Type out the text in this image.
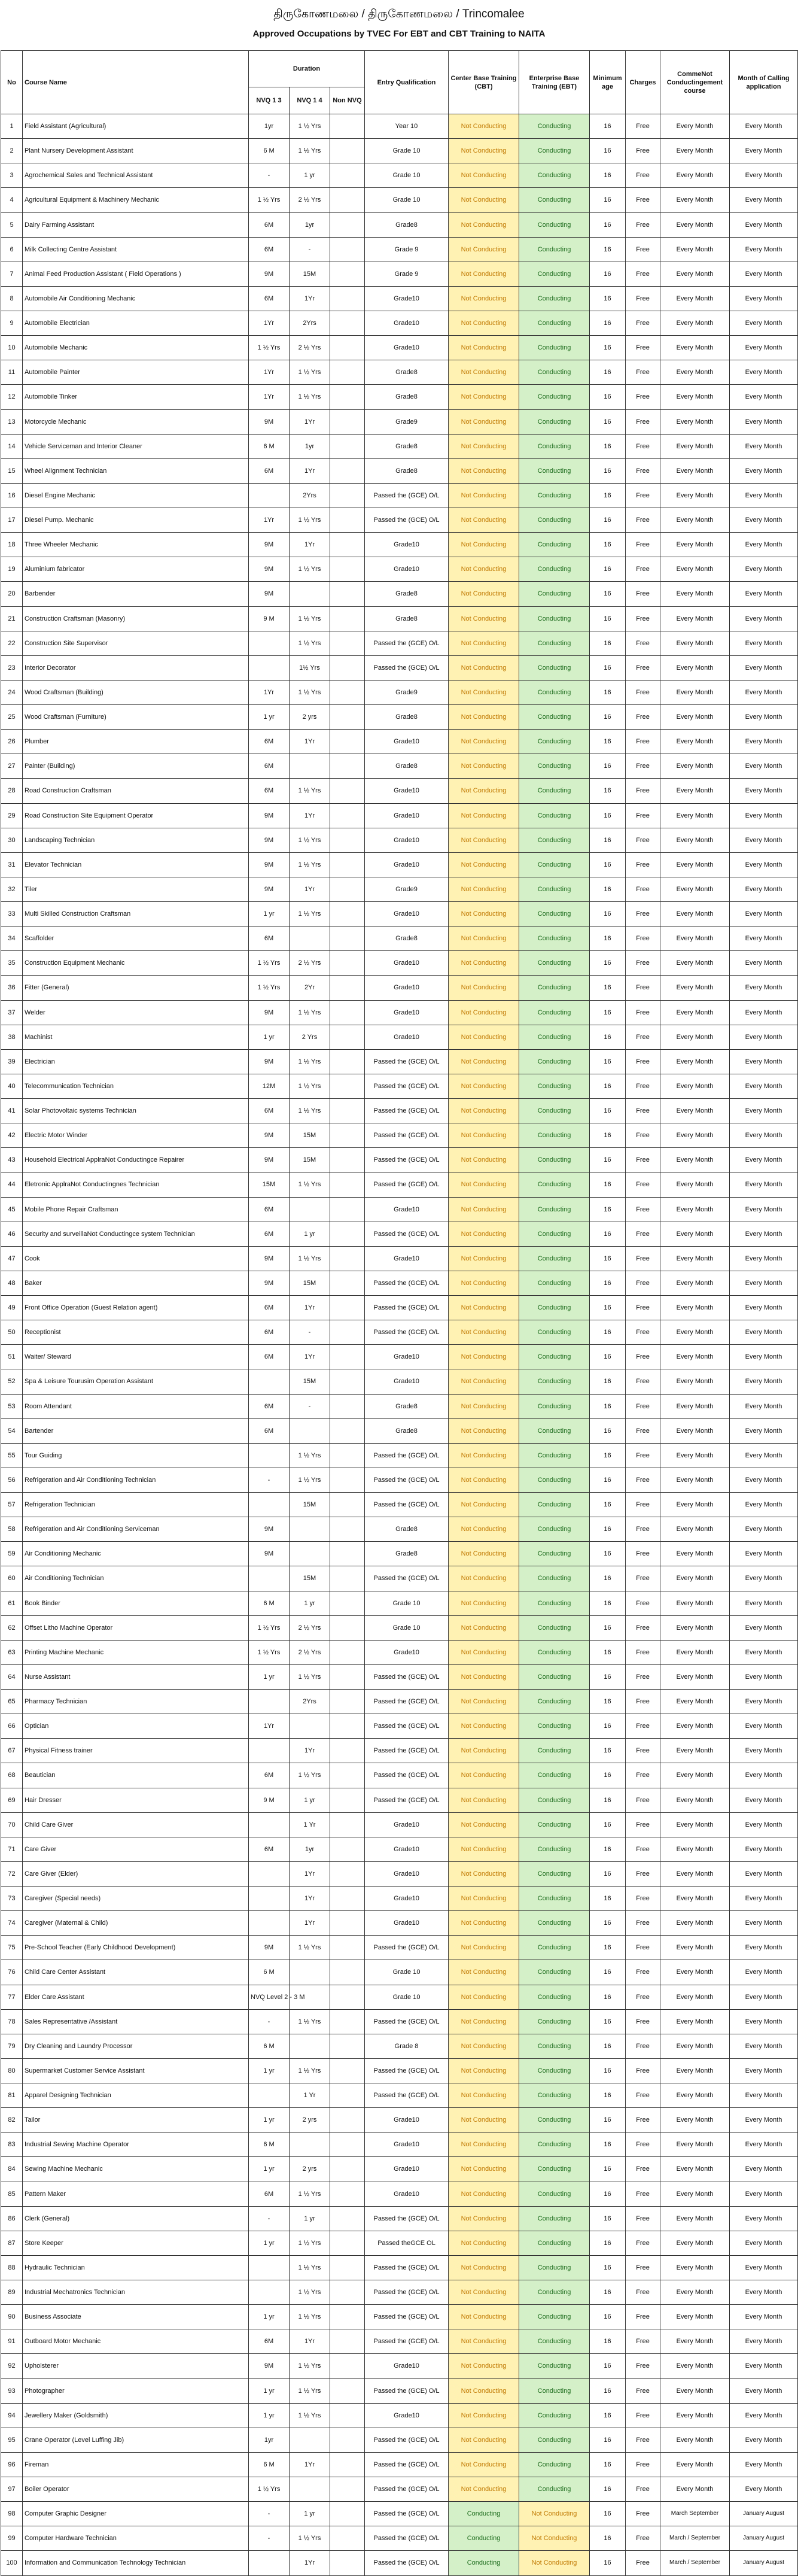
திருகோணமலை / திருகோணமலை / Trincomalee
Approved Occupations by TVEC For EBT and CBT Training to NAITA
No	Course Name	Duration			Entry Qualification	Center Base Training (CBT)	Enterprise Base Training (EBT)	Minimum age	Charges	CommeNot Conductingement course	Month of Calling application
		NVQ 1 3	NVQ 1 4	Non NVQ							
1	Field Assistant (Agricultural)	1yr	1 ½ Yrs		Year 10	Not Conducting	Conducting	16	Free	Every Month	Every Month
2	Plant Nursery Development Assistant	6 M	1 ½ Yrs		Grade 10	Not Conducting	Conducting	16	Free	Every Month	Every Month
3	Agrochemical Sales and Technical Assistant	-	1 yr		Grade 10	Not Conducting	Conducting	16	Free	Every Month	Every Month
4	Agricultural Equipment & Machinery Mechanic	1 ½ Yrs	2 ½ Yrs		Grade 10	Not Conducting	Conducting	16	Free	Every Month	Every Month
5	Dairy Farming Assistant	6M	1yr		Grade8	Not Conducting	Conducting	16	Free	Every Month	Every Month
6	Milk Collecting Centre Assistant	6M	-		Grade 9	Not Conducting	Conducting	16	Free	Every Month	Every Month
7	Animal Feed Production Assistant ( Field Operations )	9M	15M		Grade 9	Not Conducting	Conducting	16	Free	Every Month	Every Month
8	Automobile Air Conditioning Mechanic	6M	1Yr		Grade10	Not Conducting	Conducting	16	Free	Every Month	Every Month
9	Automobile Electrician	1Yr	2Yrs		Grade10	Not Conducting	Conducting	16	Free	Every Month	Every Month
10	Automobile Mechanic	1 ½ Yrs	2 ½ Yrs		Grade10	Not Conducting	Conducting	16	Free	Every Month	Every Month
11	Automobile Painter	1Yr	1 ½ Yrs		Grade8	Not Conducting	Conducting	16	Free	Every Month	Every Month
12	Automobile Tinker	1Yr	1 ½ Yrs		Grade8	Not Conducting	Conducting	16	Free	Every Month	Every Month
13	Motorcycle Mechanic	9M	1Yr		Grade9	Not Conducting	Conducting	16	Free	Every Month	Every Month
14	Vehicle Serviceman and Interior Cleaner	6 M	1yr		Grade8	Not Conducting	Conducting	16	Free	Every Month	Every Month
15	Wheel Alignment Technician	6M	1Yr		Grade8	Not Conducting	Conducting	16	Free	Every Month	Every Month
16	Diesel Engine Mechanic		2Yrs		Passed the (GCE) O/L	Not Conducting	Conducting	16	Free	Every Month	Every Month
17	Diesel Pump. Mechanic	1Yr	1 ½ Yrs		Passed the (GCE) O/L	Not Conducting	Conducting	16	Free	Every Month	Every Month
18	Three Wheeler Mechanic	9M	1Yr		Grade10	Not Conducting	Conducting	16	Free	Every Month	Every Month
19	Aluminium fabricator	9M	1 ½ Yrs		Grade10	Not Conducting	Conducting	16	Free	Every Month	Every Month
20	Barbender	9M			Grade8	Not Conducting	Conducting	16	Free	Every Month	Every Month
21	Construction Craftsman (Masonry)	9 M	1 ½ Yrs		Grade8	Not Conducting	Conducting	16	Free	Every Month	Every Month
22	Construction Site Supervisor		1 ½ Yrs		Passed the (GCE) O/L	Not Conducting	Conducting	16	Free	Every Month	Every Month
23	Interior Decorator		1½ Yrs		Passed the (GCE) O/L	Not Conducting	Conducting	16	Free	Every Month	Every Month
24	Wood Craftsman (Building)	1Yr	1 ½ Yrs		Grade9	Not Conducting	Conducting	16	Free	Every Month	Every Month
25	Wood Craftsman (Furniture)	1 yr	2 yrs		Grade8	Not Conducting	Conducting	16	Free	Every Month	Every Month
26	Plumber	6M	1Yr		Grade10	Not Conducting	Conducting	16	Free	Every Month	Every Month
27	Painter (Building)	6M			Grade8	Not Conducting	Conducting	16	Free	Every Month	Every Month
28	Road Construction Craftsman	6M	1 ½ Yrs		Grade10	Not Conducting	Conducting	16	Free	Every Month	Every Month
29	Road Construction Site Equipment Operator	9M	1Yr		Grade10	Not Conducting	Conducting	16	Free	Every Month	Every Month
30	Landscaping Technician	9M	1 ½ Yrs		Grade10	Not Conducting	Conducting	16	Free	Every Month	Every Month
31	Elevator Technician	9M	1 ½ Yrs		Grade10	Not Conducting	Conducting	16	Free	Every Month	Every Month
32	Tiler	9M	1Yr		Grade9	Not Conducting	Conducting	16	Free	Every Month	Every Month
33	Multi Skilled Construction Craftsman	1 yr	1 ½ Yrs		Grade10	Not Conducting	Conducting	16	Free	Every Month	Every Month
34	Scaffolder	6M			Grade8	Not Conducting	Conducting	16	Free	Every Month	Every Month
35	Construction Equipment Mechanic	1 ½ Yrs	2 ½ Yrs		Grade10	Not Conducting	Conducting	16	Free	Every Month	Every Month
36	Fitter (General)	1 ½ Yrs	2Yr		Grade10	Not Conducting	Conducting	16	Free	Every Month	Every Month
37	Welder	9M	1 ½ Yrs		Grade10	Not Conducting	Conducting	16	Free	Every Month	Every Month
38	Machinist	1 yr	2 Yrs		Grade10	Not Conducting	Conducting	16	Free	Every Month	Every Month
39	Electrician	9M	1 ½ Yrs		Passed the (GCE) O/L	Not Conducting	Conducting	16	Free	Every Month	Every Month
40	Telecommunication Technician	12M	1 ½ Yrs		Passed the (GCE) O/L	Not Conducting	Conducting	16	Free	Every Month	Every Month
41	Solar Photovoltaic systems Technician	6M	1 ½ Yrs		Passed the (GCE) O/L	Not Conducting	Conducting	16	Free	Every Month	Every Month
42	Electric Motor Winder	9M	15M		Passed the (GCE) O/L	Not Conducting	Conducting	16	Free	Every Month	Every Month
43	Household Electrical ApplraNot Conductingce Repairer	9M	15M		Passed the (GCE) O/L	Not Conducting	Conducting	16	Free	Every Month	Every Month
44	Eletronic ApplraNot Conductingnes Technician	15M	1 ½ Yrs		Passed the (GCE) O/L	Not Conducting	Conducting	16	Free	Every Month	Every Month
45	Mobile Phone Repair Craftsman	6M			Grade10	Not Conducting	Conducting	16	Free	Every Month	Every Month
46	Security and surveillaNot Conductingce system Technician	6M	1 yr		Passed the (GCE) O/L	Not Conducting	Conducting	16	Free	Every Month	Every Month
47	Cook	9M	1 ½ Yrs		Grade10	Not Conducting	Conducting	16	Free	Every Month	Every Month
48	Baker	9M	15M		Passed the (GCE) O/L	Not Conducting	Conducting	16	Free	Every Month	Every Month
49	Front Office Operation (Guest Relation agent)	6M	1Yr		Passed the (GCE) O/L	Not Conducting	Conducting	16	Free	Every Month	Every Month
50	Receptionist	6M	-		Passed the (GCE) O/L	Not Conducting	Conducting	16	Free	Every Month	Every Month
51	Waiter/ Steward	6M	1Yr		Grade10	Not Conducting	Conducting	16	Free	Every Month	Every Month
52	Spa & Leisure Tourusim Operation Assistant		15M		Grade10	Not Conducting	Conducting	16	Free	Every Month	Every Month
53	Room Attendant	6M	-		Grade8	Not Conducting	Conducting	16	Free	Every Month	Every Month
54	Bartender	6M			Grade8	Not Conducting	Conducting	16	Free	Every Month	Every Month
55	Tour Guiding		1 ½ Yrs		Passed the (GCE) O/L	Not Conducting	Conducting	16	Free	Every Month	Every Month
56	Refrigeration and Air Conditioning Technician	-	1 ½ Yrs		Passed the (GCE) O/L	Not Conducting	Conducting	16	Free	Every Month	Every Month
57	Refrigeration Technician		15M		Passed the (GCE) O/L	Not Conducting	Conducting	16	Free	Every Month	Every Month
58	Refrigeration and Air Conditioning Serviceman	9M			Grade8	Not Conducting	Conducting	16	Free	Every Month	Every Month
59	Air Conditioning Mechanic	9M			Grade8	Not Conducting	Conducting	16	Free	Every Month	Every Month
60	Air Conditioning Technician		15M		Passed the (GCE) O/L	Not Conducting	Conducting	16	Free	Every Month	Every Month
61	Book Binder	6 M	1 yr		Grade 10	Not Conducting	Conducting	16	Free	Every Month	Every Month
62	Offset Litho Machine Operator	1 ½ Yrs	2 ½ Yrs		Grade 10	Not Conducting	Conducting	16	Free	Every Month	Every Month
63	Printing Machine Mechanic	1 ½ Yrs	2 ½ Yrs		Grade10	Not Conducting	Conducting	16	Free	Every Month	Every Month
64	Nurse Assistant	1 yr	1 ½ Yrs		Passed the (GCE) O/L	Not Conducting	Conducting	16	Free	Every Month	Every Month
65	Pharmacy Technician		2Yrs		Passed the (GCE) O/L	Not Conducting	Conducting	16	Free	Every Month	Every Month
66	Optician	1Yr			Passed the (GCE) O/L	Not Conducting	Conducting	16	Free	Every Month	Every Month
67	Physical Fitness trainer		1Yr		Passed the (GCE) O/L	Not Conducting	Conducting	16	Free	Every Month	Every Month
68	Beautician	6M	1 ½ Yrs		Passed the (GCE) O/L	Not Conducting	Conducting	16	Free	Every Month	Every Month
69	Hair Dresser	9 M	1 yr		Passed the (GCE) O/L	Not Conducting	Conducting	16	Free	Every Month	Every Month
70	Child Care Giver		1 Yr		Grade10	Not Conducting	Conducting	16	Free	Every Month	Every Month
71	Care Giver	6M	1yr		Grade10	Not Conducting	Conducting	16	Free	Every Month	Every Month
72	Care Giver (Elder)		1Yr		Grade10	Not Conducting	Conducting	16	Free	Every Month	Every Month
73	Caregiver (Special needs)		1Yr		Grade10	Not Conducting	Conducting	16	Free	Every Month	Every Month
74	Caregiver (Maternal & Child)		1Yr		Grade10	Not Conducting	Conducting	16	Free	Every Month	Every Month
75	Pre-School Teacher (Early Childhood Development)	9M	1 ½ Yrs		Passed the (GCE) O/L	Not Conducting	Conducting	16	Free	Every Month	Every Month
76	Child Care Center Assistant	6 M			Grade 10	Not Conducting	Conducting	16	Free	Every Month	Every Month
77	Elder Care Assistant	NVQ Level 2 - 3 M			Grade 10	Not Conducting	Conducting	16	Free	Every Month	Every Month
78	Sales Representative /Assistant	-	1 ½ Yrs		Passed the (GCE) O/L	Not Conducting	Conducting	16	Free	Every Month	Every Month
79	Dry Cleaning and Laundry Processor	6 M			Grade 8	Not Conducting	Conducting	16	Free	Every Month	Every Month
80	Supermarket Customer Service Assistant	1 yr	1 ½ Yrs		Passed the (GCE) O/L	Not Conducting	Conducting	16	Free	Every Month	Every Month
81	Apparel Designing Technician		1 Yr		Passed the (GCE) O/L	Not Conducting	Conducting	16	Free	Every Month	Every Month
82	Tailor	1 yr	2 yrs		Grade10	Not Conducting	Conducting	16	Free	Every Month	Every Month
83	Industrial Sewing Machine Operator	6 M			Grade10	Not Conducting	Conducting	16	Free	Every Month	Every Month
84	Sewing Machine Mechanic	1 yr	2 yrs		Grade10	Not Conducting	Conducting	16	Free	Every Month	Every Month
85	Pattern Maker	6M	1 ½ Yrs		Grade10	Not Conducting	Conducting	16	Free	Every Month	Every Month
86	Clerk (General)	-	1 yr		Passed the (GCE) O/L	Not Conducting	Conducting	16	Free	Every Month	Every Month
87	Store Keeper	1 yr	1 ½ Yrs		Passed theGCE OL	Not Conducting	Conducting	16	Free	Every Month	Every Month
88	Hydraulic Technician		1 ½ Yrs		Passed the (GCE) O/L	Not Conducting	Conducting	16	Free	Every Month	Every Month
89	Industrial Mechatronics Technician		1 ½ Yrs		Passed the (GCE) O/L	Not Conducting	Conducting	16	Free	Every Month	Every Month
90	Business Associate	1 yr	1 ½ Yrs		Passed the (GCE) O/L	Not Conducting	Conducting	16	Free	Every Month	Every Month
91	Outboard Motor Mechanic	6M	1Yr		Passed the (GCE) O/L	Not Conducting	Conducting	16	Free	Every Month	Every Month
92	Upholsterer	9M	1 ½ Yrs		Grade10	Not Conducting	Conducting	16	Free	Every Month	Every Month
93	Photographer	1 yr	1 ½ Yrs		Passed the (GCE) O/L	Not Conducting	Conducting	16	Free	Every Month	Every Month
94	Jewellery Maker (Goldsmith)	1 yr	1 ½ Yrs		Grade10	Not Conducting	Conducting	16	Free	Every Month	Every Month
95	Crane Operator (Level Luffing Jib)	1yr			Passed the (GCE) O/L	Not Conducting	Conducting	16	Free	Every Month	Every Month
96	Fireman	6 M	1Yr		Passed the (GCE) O/L	Not Conducting	Conducting	16	Free	Every Month	Every Month
97	Boiler Operator	1 ½ Yrs			Passed the (GCE) O/L	Not Conducting	Conducting	16	Free	Every Month	Every Month
98	Computer Graphic Designer	-	1 yr		Passed the (GCE) O/L	Conducting	Not Conducting	16	Free	March September	January August
99	Computer Hardware Technician	-	1 ½ Yrs		Passed the (GCE) O/L	Conducting	Not Conducting	16	Free	March / September	January August
100	Information and Communication Technology Technician		1Yr		Passed the (GCE) O/L	Conducting	Not Conducting	16	Free	March / September	January August
